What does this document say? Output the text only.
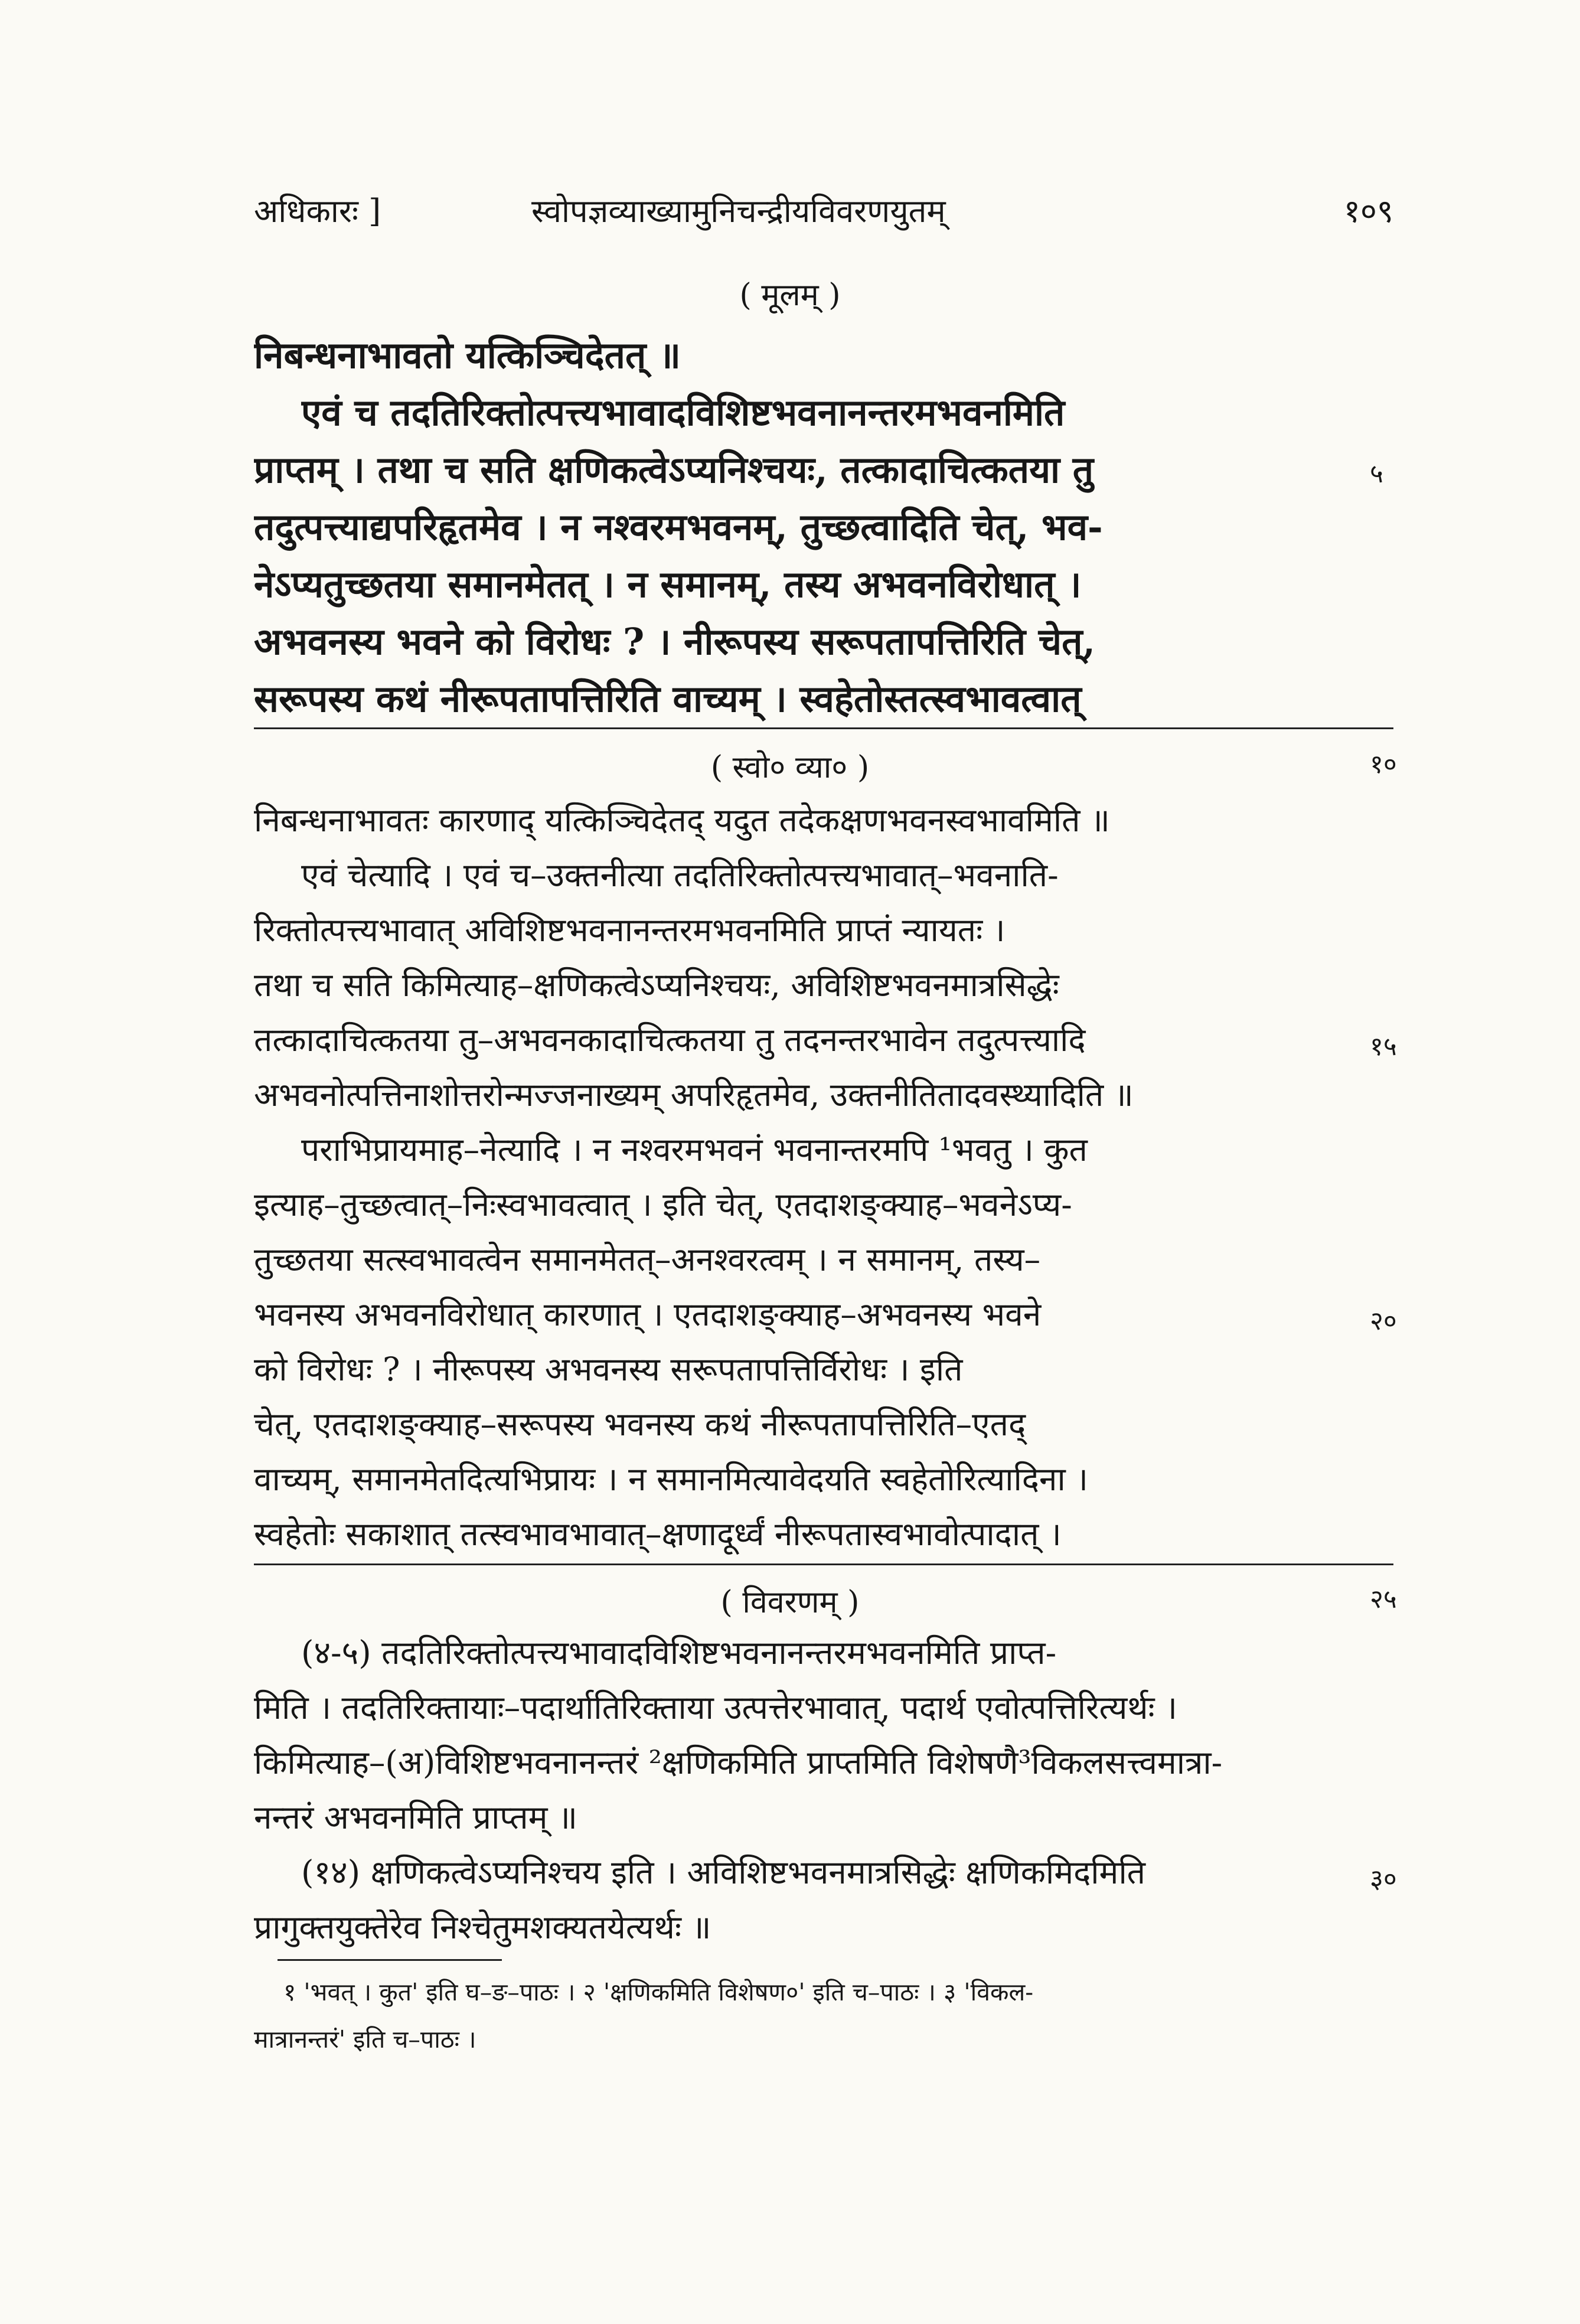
अधिकारः ]	स्वोपज्ञव्याख्यामुनिचन्द्रीयविवरणयुतम्	१०९
( मूलम् )
निबन्धनाभावतो यत्किञ्चिदेतत् ॥
एवं च तदतिरिक्तोत्पत्त्यभावादविशिष्टभवनानन्तरमभवनमिति
प्राप्तम् । तथा च सति क्षणिकत्वेऽप्यनिश्चयः, तत्कादाचित्कतया तु
तदुत्पत्त्याद्यपरिहृतमेव । न नश्वरमभवनम्, तुच्छत्वादिति चेत्, भव-
नेऽप्यतुच्छतया समानमेतत् । न समानम्, तस्य अभवनविरोधात् ।
अभवनस्य भवने को विरोधः ? । नीरूपस्य सरूपतापत्तिरिति चेत्,
सरूपस्य कथं नीरूपतापत्तिरिति वाच्यम् । स्वहेतोस्तत्स्वभावत्वात्
५
( स्वो० व्या० )	१०
निबन्धनाभावतः कारणाद् यत्किञ्चिदेतद् यदुत तदेकक्षणभवनस्वभावमिति ॥
एवं चेत्यादि । एवं च–उक्तनीत्या तदतिरिक्तोत्पत्त्यभावात्–भवनाति-
रिक्तोत्पत्त्यभावात् अविशिष्टभवनानन्तरमभवनमिति प्राप्तं न्यायतः ।
तथा च सति किमित्याह–क्षणिकत्वेऽप्यनिश्चयः, अविशिष्टभवनमात्रसिद्धेः
तत्कादाचित्कतया तु–अभवनकादाचित्कतया तु तदनन्तरभावेन तदुत्पत्त्यादि
अभवनोत्पत्तिनाशोत्तरोन्मज्जनाख्यम् अपरिहृतमेव, उक्तनीतितादवस्थ्यादिति ॥
पराभिप्रायमाह–नेत्यादि । न नश्वरमभवनं भवनान्तरमपि ¹भवतु । कुत
इत्याह–तुच्छत्वात्–निःस्वभावत्वात् । इति चेत्, एतदाशङ्क्याह–भवनेऽप्य-
तुच्छतया सत्स्वभावत्वेन समानमेतत्–अनश्वरत्वम् । न समानम्, तस्य–
भवनस्य अभवनविरोधात् कारणात् । एतदाशङ्क्याह–अभवनस्य भवने
को विरोधः ? । नीरूपस्य अभवनस्य सरूपतापत्तिर्विरोधः । इति
चेत्, एतदाशङ्क्याह–सरूपस्य भवनस्य कथं नीरूपतापत्तिरिति–एतद्
वाच्यम्, समानमेतदित्यभिप्रायः । न समानमित्यावेदयति स्वहेतोरित्यादिना ।
स्वहेतोः सकाशात् तत्स्वभावभावात्–क्षणादूर्ध्वं नीरूपतास्वभावोत्पादात् ।
१५
२०
( विवरणम् )	२५
(४-५) तदतिरिक्तोत्पत्त्यभावादविशिष्टभवनानन्तरमभवनमिति प्राप्त-
मिति । तदतिरिक्तायाः–पदार्थातिरिक्ताया उत्पत्तेरभावात्, पदार्थ एवोत्पत्तिरित्यर्थः ।
किमित्याह–(अ)विशिष्टभवनानन्तरं ²क्षणिकमिति प्राप्तमिति विशेषणै³विकलसत्त्वमात्रा-
नन्तरं अभवनमिति प्राप्तम् ॥
(१४) क्षणिकत्वेऽप्यनिश्चय इति । अविशिष्टभवनमात्रसिद्धेः क्षणिकमिदमिति
प्रागुक्तयुक्तेरेव निश्चेतुमशक्यतयेत्यर्थः ॥
३०
१ 'भवत् । कुत' इति घ–ङ–पाठः । २ 'क्षणिकमिति विशेषण०' इति च–पाठः । ३ 'विकल-
मात्रानन्तरं' इति च–पाठः ।
